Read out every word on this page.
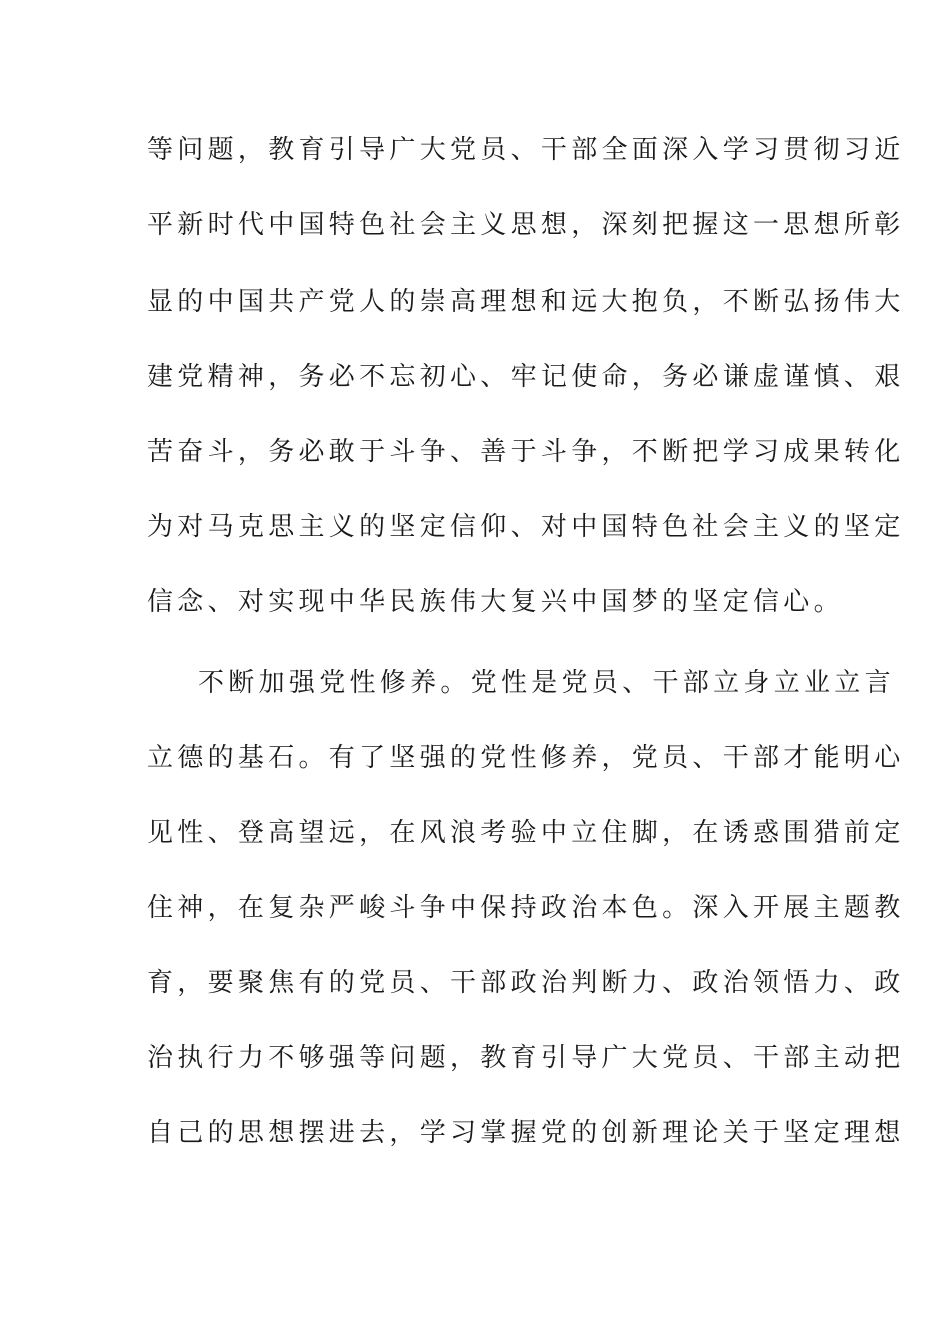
等问题，教育引导广大党员、干部全面深入学习贯彻习近
平新时代中国特色社会主义思想，深刻把握这一思想所彰
显的中国共产党人的崇高理想和远大抱负，不断弘扬伟大
建党精神，务必不忘初心、牢记使命，务必谦虚谨慎、艰
苦奋斗，务必敢于斗争、善于斗争，不断把学习成果转化
为对马克思主义的坚定信仰、对中国特色社会主义的坚定
信念、对实现中华民族伟大复兴中国梦的坚定信心。
不断加强党性修养。党性是党员、干部立身立业立言
立德的基石。有了坚强的党性修养，党员、干部才能明心
见性、登高望远，在风浪考验中立住脚，在诱惑围猎前定
住神，在复杂严峻斗争中保持政治本色。深入开展主题教
育，要聚焦有的党员、干部政治判断力、政治领悟力、政
治执行力不够强等问题，教育引导广大党员、干部主动把
自己的思想摆进去，学习掌握党的创新理论关于坚定理想
